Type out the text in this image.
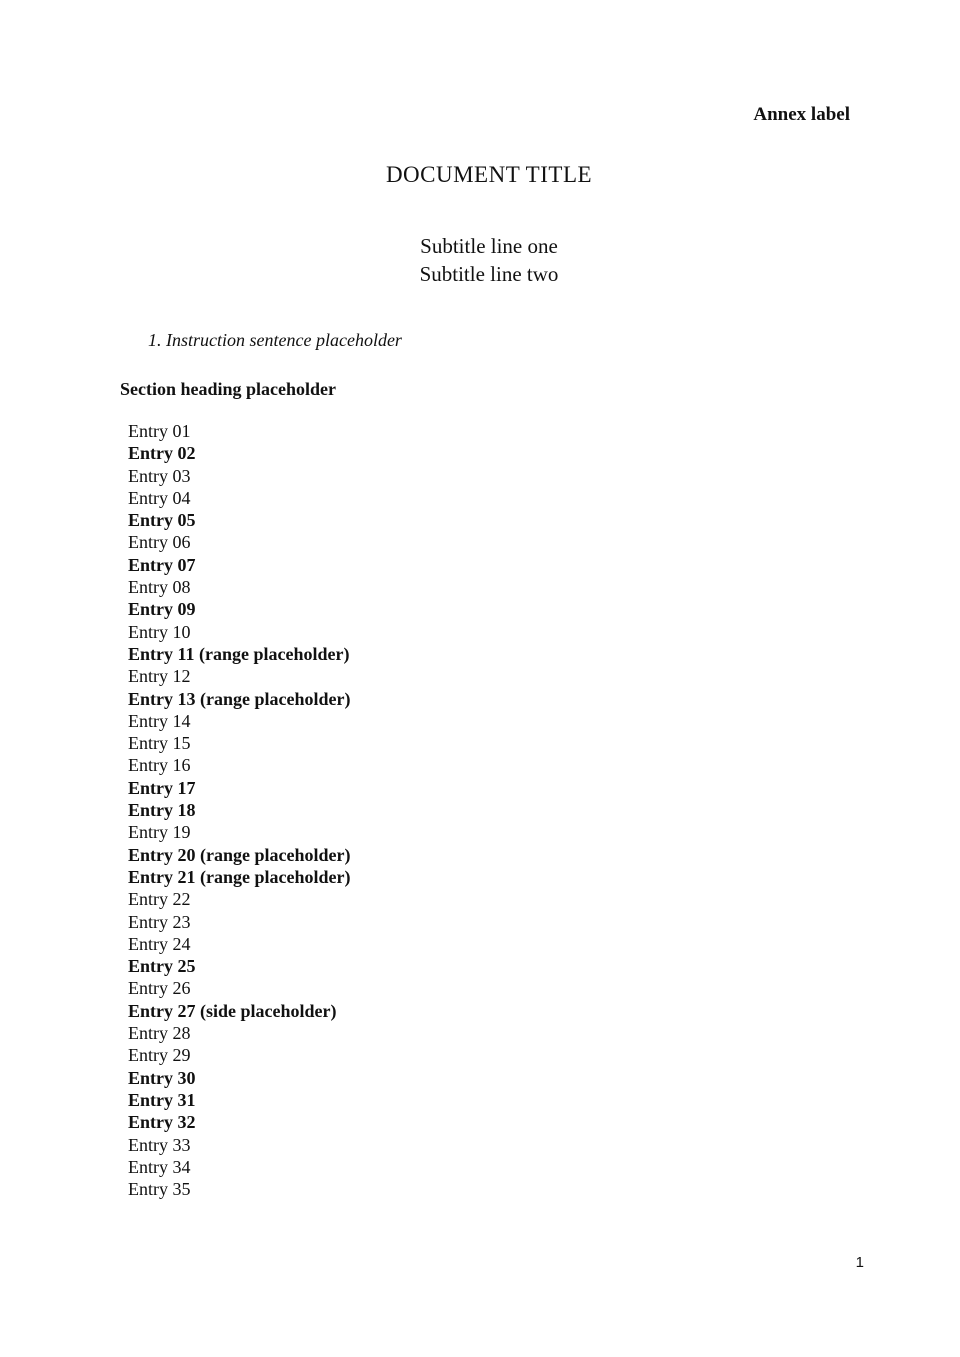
Annex label
DOCUMENT TITLE
Subtitle line one
Subtitle line two
1. Instruction sentence placeholder
Section heading placeholder
Entry 01
Entry 02
Entry 03
Entry 04
Entry 05
Entry 06
Entry 07
Entry 08
Entry 09
Entry 10
Entry 11 (range placeholder)
Entry 12
Entry 13 (range placeholder)
Entry 14
Entry 15
Entry 16
Entry 17
Entry 18
Entry 19
Entry 20 (range placeholder)
Entry 21 (range placeholder)
Entry 22
Entry 23
Entry 24
Entry 25
Entry 26
Entry 27 (side placeholder)
Entry 28
Entry 29
Entry 30
Entry 31
Entry 32
Entry 33
Entry 34
Entry 35
1
